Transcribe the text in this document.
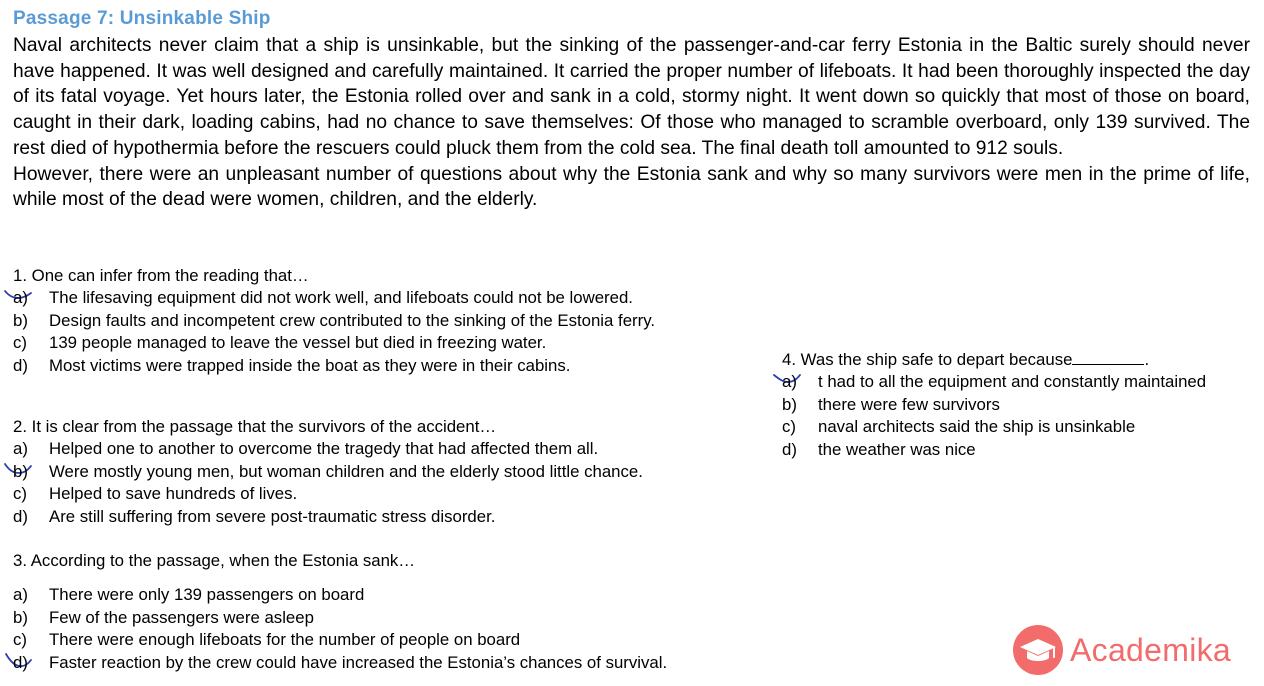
Passage 7: Unsinkable Ship

Naval architects never claim that a ship is unsinkable, but the sinking of the passenger-and-car ferry Estonia in the Baltic surely should never have happened. It was well designed and carefully maintained. It carried the proper number of lifeboats. It had been thoroughly inspected the day of its fatal voyage. Yet hours later, the Estonia rolled over and sank in a cold, stormy night. It went down so quickly that most of those on board, caught in their dark, loading cabins, had no chance to save themselves: Of those who managed to scramble overboard, only 139 survived. The rest died of hypothermia before the rescuers could pluck them from the cold sea. The final death toll amounted to 912 souls.

However, there were an unpleasant number of questions about why the Estonia sank and why so many survivors were men in the prime of life, while most of the dead were women, children, and the elderly.

1. One can infer from the reading that…
a) The lifesaving equipment did not work well, and lifeboats could not be lowered.
b) Design faults and incompetent crew contributed to the sinking of the Estonia ferry.
c) 139 people managed to leave the vessel but died in freezing water.
d) Most victims were trapped inside the boat as they were in their cabins.
2. It is clear from the passage that the survivors of the accident…
a) Helped one to another to overcome the tragedy that had affected them all.
b) Were mostly young men, but woman children and the elderly stood little chance.
c) Helped to save hundreds of lives.
d) Are still suffering from severe post-traumatic stress disorder.
3. According to the passage, when the Estonia sank…
a) There were only 139 passengers on board
b) Few of the passengers were asleep
c) There were enough lifeboats for the number of people on board
d) Faster reaction by the crew could have increased the Estonia’s chances of survival.
4. Was the ship safe to depart because	.
a) t had to all the equipment and constantly maintained
b) there were few survivors
c) naval architects said the ship is unsinkable
d) the weather was nice
Academika
